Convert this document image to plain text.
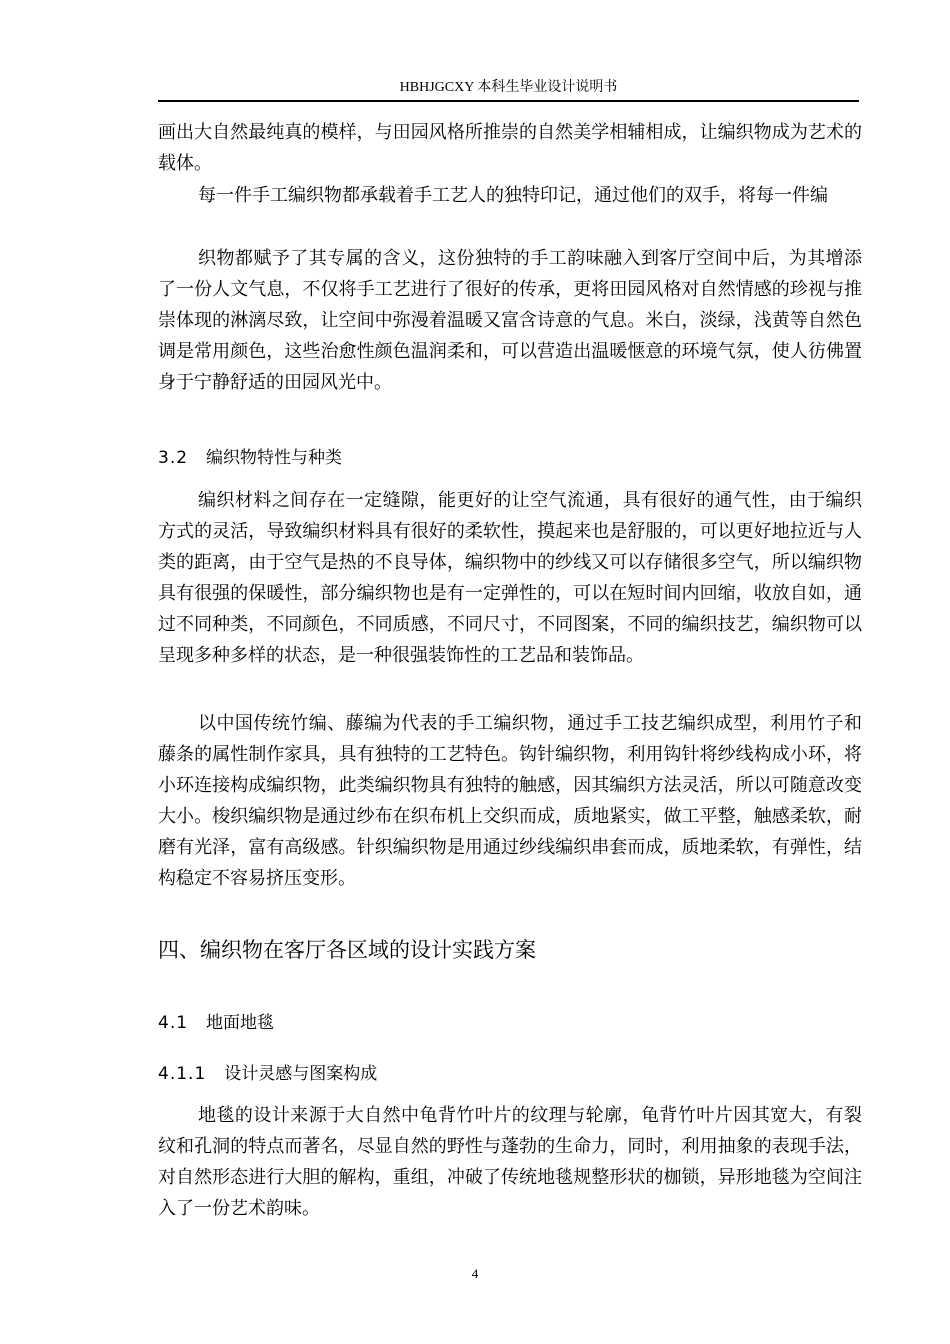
HBHJGCXY 本科生毕业设计说明书

画出大自然最纯真的模样，与田园风格所推崇的自然美学相辅相成，让编织物成为艺术的载体。

每一件手工编织物都承载着手工艺人的独特印记，通过他们的双手，将每一件编

织物都赋予了其专属的含义，这份独特的手工韵味融入到客厅空间中后，为其增添了一份人文气息，不仅将手工艺进行了很好的传承，更将田园风格对自然情感的珍视与推崇体现的淋漓尽致，让空间中弥漫着温暖又富含诗意的气息。米白，淡绿，浅黄等自然色调是常用颜色，这些治愈性颜色温润柔和，可以营造出温暖惬意的环境气氛，使人彷佛置身于宁静舒适的田园风光中。

3.2 编织物特性与种类

编织材料之间存在一定缝隙，能更好的让空气流通，具有很好的通气性，由于编织方式的灵活，导致编织材料具有很好的柔软性，摸起来也是舒服的，可以更好地拉近与人类的距离，由于空气是热的不良导体，编织物中的纱线又可以存储很多空气，所以编织物具有很强的保暖性，部分编织物也是有一定弹性的，可以在短时间内回缩，收放自如，通过不同种类，不同颜色，不同质感，不同尺寸，不同图案，不同的编织技艺，编织物可以呈现多种多样的状态，是一种很强装饰性的工艺品和装饰品。

以中国传统竹编、藤编为代表的手工编织物，通过手工技艺编织成型，利用竹子和藤条的属性制作家具，具有独特的工艺特色。钩针编织物，利用钩针将纱线构成小环，将小环连接构成编织物，此类编织物具有独特的触感，因其编织方法灵活，所以可随意改变大小。梭织编织物是通过纱布在织布机上交织而成，质地紧实，做工平整，触感柔软，耐磨有光泽，富有高级感。针织编织物是用通过纱线编织串套而成，质地柔软，有弹性，结构稳定不容易挤压变形。

四、编织物在客厅各区域的设计实践方案
4.1 地面地毯
4.1.1 设计灵感与图案构成

地毯的设计来源于大自然中龟背竹叶片的纹理与轮廓，龟背竹叶片因其宽大，有裂纹和孔洞的特点而著名，尽显自然的野性与蓬勃的生命力，同时，利用抽象的表现手法，对自然形态进行大胆的解构，重组，冲破了传统地毯规整形状的枷锁，异形地毯为空间注入了一份艺术韵味。

4
